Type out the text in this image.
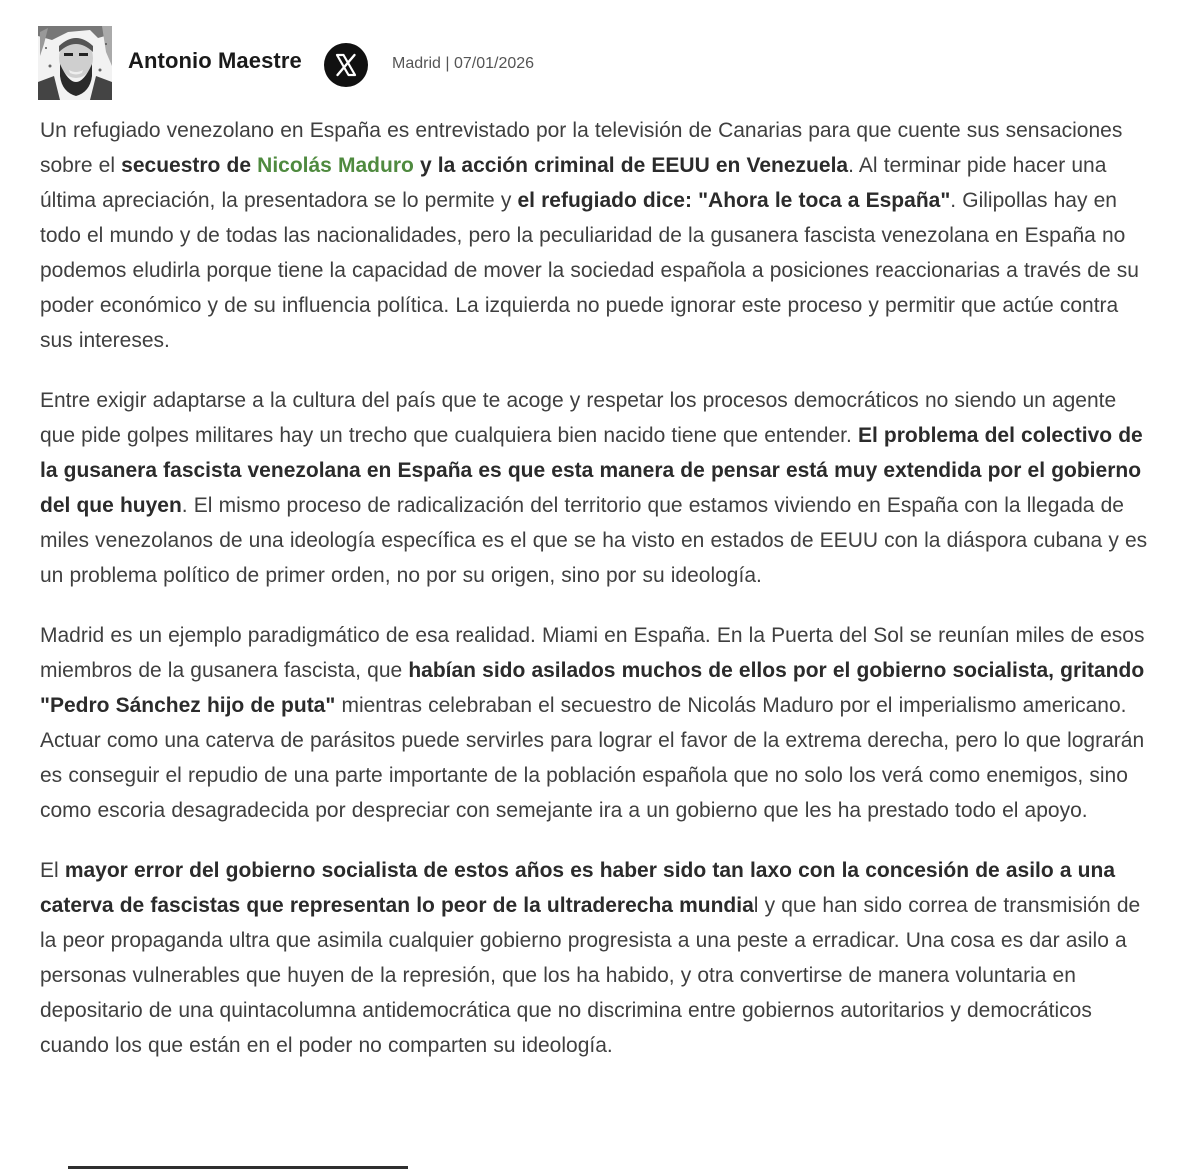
Antonio Maestre	Madrid | 07/01/2026

Un refugiado venezolano en España es entrevistado por la televisión de Canarias para que cuente sus sensaciones sobre el secuestro de Nicolás Maduro y la acción criminal de EEUU en Venezuela. Al terminar pide hacer una última apreciación, la presentadora se lo permite y el refugiado dice: "Ahora le toca a España". Gilipollas hay en todo el mundo y de todas las nacionalidades, pero la peculiaridad de la gusanera fascista venezolana en España no podemos eludirla porque tiene la capacidad de mover la sociedad española a posiciones reaccionarias a través de su poder económico y de su influencia política. La izquierda no puede ignorar este proceso y permitir que actúe contra sus intereses.

Entre exigir adaptarse a la cultura del país que te acoge y respetar los procesos democráticos no siendo un agente que pide golpes militares hay un trecho que cualquiera bien nacido tiene que entender. El problema del colectivo de la gusanera fascista venezolana en España es que esta manera de pensar está muy extendida por el gobierno del que huyen. El mismo proceso de radicalización del territorio que estamos viviendo en España con la llegada de miles venezolanos de una ideología específica es el que se ha visto en estados de EEUU con la diáspora cubana y es un problema político de primer orden, no por su origen, sino por su ideología.

Madrid es un ejemplo paradigmático de esa realidad. Miami en España. En la Puerta del Sol se reunían miles de esos miembros de la gusanera fascista, que habían sido asilados muchos de ellos por el gobierno socialista, gritando "Pedro Sánchez hijo de puta" mientras celebraban el secuestro de Nicolás Maduro por el imperialismo americano. Actuar como una caterva de parásitos puede servirles para lograr el favor de la extrema derecha, pero lo que lograrán es conseguir el repudio de una parte importante de la población española que no solo los verá como enemigos, sino como escoria desagradecida por despreciar con semejante ira a un gobierno que les ha prestado todo el apoyo.

El mayor error del gobierno socialista de estos años es haber sido tan laxo con la concesión de asilo a una caterva de fascistas que representan lo peor de la ultraderecha mundial y que han sido correa de transmisión de la peor propaganda ultra que asimila cualquier gobierno progresista a una peste a erradicar. Una cosa es dar asilo a personas vulnerables que huyen de la represión, que los ha habido, y otra convertirse de manera voluntaria en depositario de una quintacolumna antidemocrática que no discrimina entre gobiernos autoritarios y democráticos cuando los que están en el poder no comparten su ideología.
